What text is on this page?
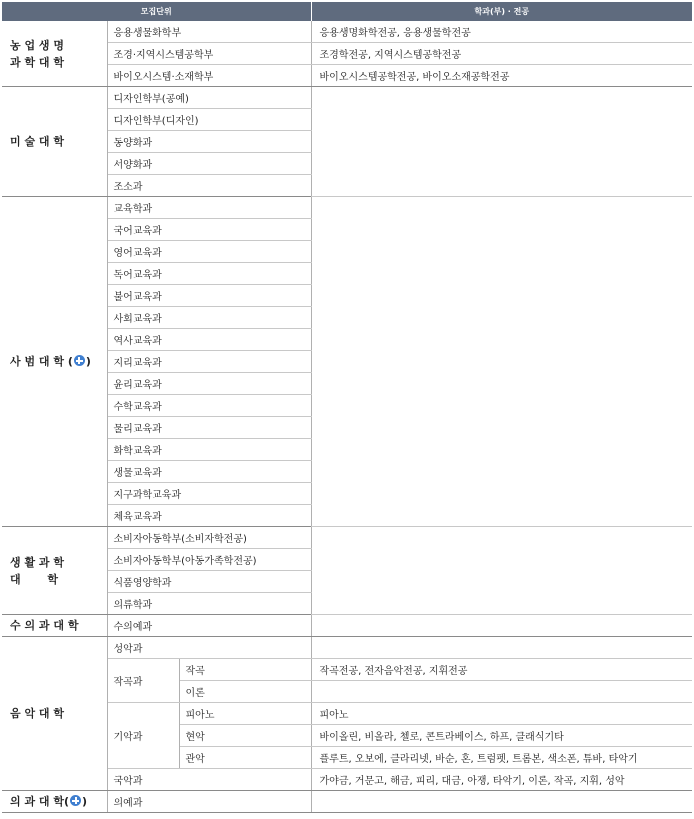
모집단위			학과(부) · 전공

농 업 생 명
과 학 대 학	응용생물화학부		응용생명화학전공, 응용생물학전공
	조경·지역시스템공학부		조경학전공, 지역시스템공학전공
	바이오시스템·소재학부		바이오시스템공학전공, 바이오소재공학전공
미 술 대 학	디자인학부(공예)		
	디자인학부(디자인)		
	동양화과		
	서양화과		
	조소과		
사 범 대 학 ( )	교육학과		
	국어교육과		
	영어교육과		
	독어교육과		
	불어교육과		
	사회교육과		
	역사교육과		
	지리교육과		
	윤리교육과		
	수학교육과		
	물리교육과		
	화학교육과		
	생물교육과		
	지구과학교육과		
	체육교육과		

생 활 과 학
대       학	소비자아동학부(소비자학전공)		
	소비자아동학부(아동가족학전공)		
	식품영양학과		
	의류학과		
수 의 과 대 학	수의예과		
음 악 대 학	성악과		
	작곡과	작곡	작곡전공, 전자음악전공, 지휘전공
		이론	
	기악과	피아노	피아노
		현악	바이올린, 비올라, 첼로, 콘트라베이스, 하프, 클래식기타
		관악	플루트, 오보에, 클라리넷, 바순, 혼, 트럼펫, 트롬본, 색소폰, 튜바, 타악기
	국악과		가야금, 거문고, 해금, 피리, 대금, 아쟁, 타악기, 이론, 작곡, 지휘, 성악
의 과 대 학( )	의예과		
